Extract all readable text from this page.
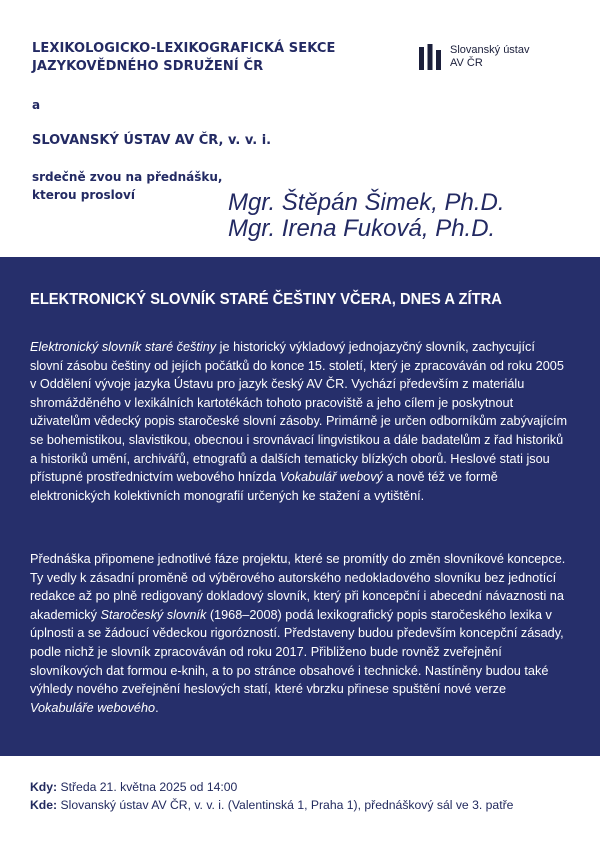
LEXIKOLOGICKO-LEXIKOGRAFICKÁ SEKCE
JAZYKOVĚDNÉHO SDRUŽENÍ ČR
a
SLOVANSKÝ ÚSTAV AV ČR, v. v. i.
srdečně zvou na přednášku,
kterou prosloví
Slovanský ústav
AV ČR
Mgr. Štěpán Šimek, Ph.D.
Mgr. Irena Fuková, Ph.D.
ELEKTRONICKÝ SLOVNÍK STARÉ ČEŠTINY VČERA, DNES A ZÍTRA
Elektronický slovník staré češtiny je historický výkladový jednojazyčný slovník, zachycující slovní zásobu češtiny od jejích počátků do konce 15. století, který je zpracováván od roku 2005 v Oddělení vývoje jazyka Ústavu pro jazyk český AV ČR. Vychází především z materiálu shromážděného v lexikálních kartotékách tohoto pracoviště a jeho cílem je poskytnout uživatelům vědecký popis staročeské slovní zásoby. Primárně je určen odborníkům zabývajícím se bohemistikou, slavistikou, obecnou i srovnávací lingvistikou a dále badatelům z řad historiků a historiků umění, archivářů, etnografů a dalších tematicky blízkých oborů. Heslové stati jsou přístupné prostřednictvím webového hnízda Vokabulář webový a nově též ve formě elektronických kolektivních monografií určených ke stažení a vytištění.
Přednáška připomene jednotlivé fáze projektu, které se promítly do změn slovníkové koncepce. Ty vedly k zásadní proměně od výběrového autorského nedokladového slovníku bez jednotící redakce až po plně redigovaný dokladový slovník, který při koncepční i abecední návaznosti na akademický Staročeský slovník (1968–2008) podá lexikografický popis staročeského lexika v úplnosti a se žádoucí vědeckou rigorózností. Představeny budou především koncepční zásady, podle nichž je slovník zpracováván od roku 2017. Přibliženo bude rovněž zveřejnění slovníkových dat formou e-knih, a to po stránce obsahové i technické. Nastíněny budou také výhledy nového zveřejnění heslových statí, které vbrzku přinese spuštění nové verze Vokabuláře webového.
Kdy: Středa 21. května 2025 od 14:00
Kde: Slovanský ústav AV ČR, v. v. i. (Valentinská 1, Praha 1), přednáškový sál ve 3. patře
